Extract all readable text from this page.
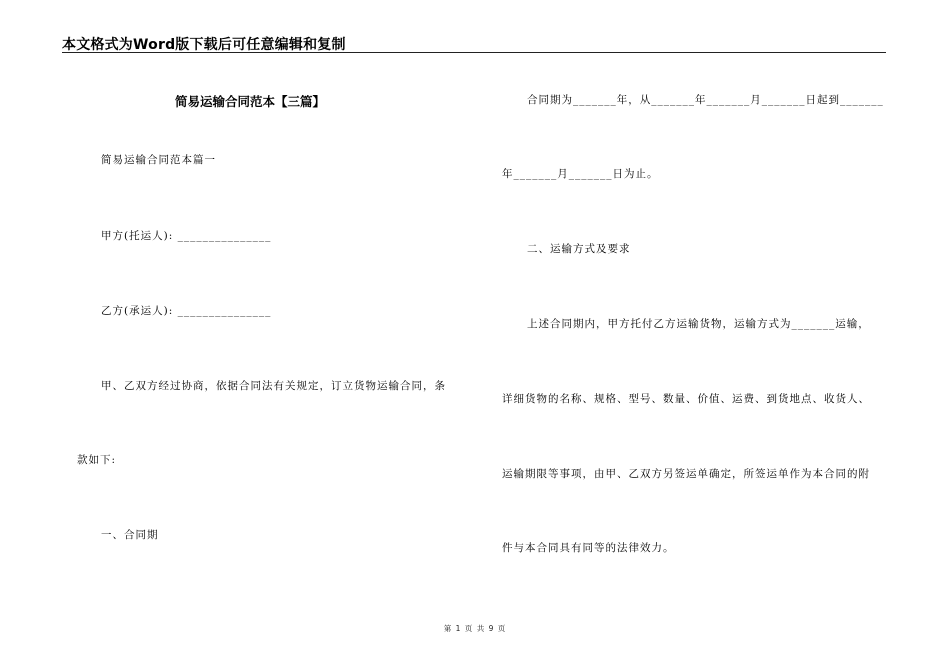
本文格式为Word版下载后可任意编辑和复制
简易运输合同范本【三篇】
简易运输合同范本篇一
甲方(托运人): _______________
乙方(承运人): _______________
甲、乙双方经过协商，依据合同法有关规定，订立货物运输合同，条
款如下:
一、合同期
合同期为_______年，从_______年_______月_______日起到_______
年_______月_______日为止。
二、运输方式及要求
上述合同期内，甲方托付乙方运输货物，运输方式为_______运输，
详细货物的名称、规格、型号、数量、价值、运费、到货地点、收货人、
运输期限等事项，由甲、乙双方另签运单确定，所签运单作为本合同的附
件与本合同具有同等的法律效力。
第 1 页 共 9 页
